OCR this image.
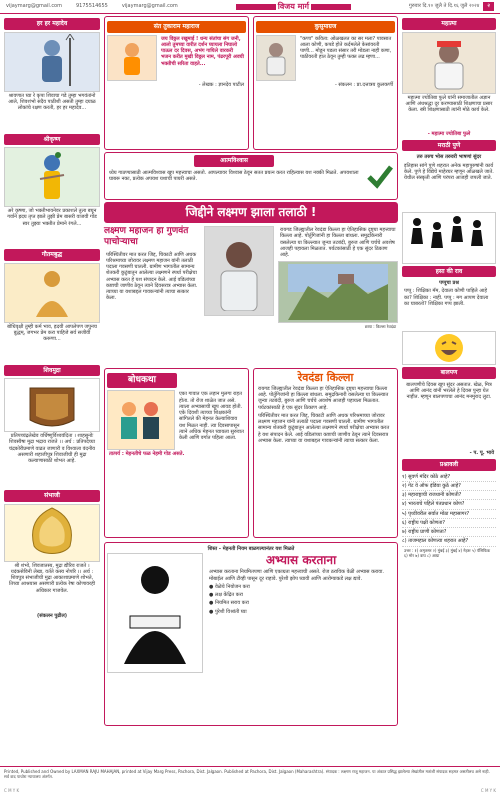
vijaymarg@gmail.com	9175514655	vijaymarg@gmail.com	विजय मार्ग	गुरुवार दि.१० जुलै ते दि.१६ जुलै २०२४	२
हर हर महादेव
श्रावणात घ्या रे कृपा शिवाचा गडे तुम्हा भगवंतांनो आले, शिवशंभो सदैव पाठीशी असती तुम्हा दयाळ लोकांचे रक्षण करती, हर हर महादेव...
श्रीकृष्ण
अरे कृष्णा, जो भक्तीभावनेवर प्रकाशले तुला बघून गर्वाने ह्रदय तृप्त झाले तुझी प्रेम बासरी वाजवी गोड स्वर तुझ्या भक्तीत प्रेमाने रंगले...
गौतमबुद्ध
बोधिवृक्षी तुम्ही कर्म भाव, ह्रदयी आपलेपण जपुनच बुद्धम्, जगभर प्रेम करा पाहिजे सर्व सजीवी करूणा...
शिवमुद्रा
प्रतिपच्चंद्रलेखेव वर्धिष्णुर्विश्ववंदिता । शाहसुनोः शिवस्यैषा मुद्रा भद्राय राजते ।। अर्थ : प्रतिपदेच्या चंद्रकोरीप्रमाणे वाढत जाणारी व विश्वाला वंदनीय असणारी शहाजीपुत्र शिवाजीची ही मुद्रा कल्याणासाठी शोभत आहे.
संभाजी
श्री शंभो, शिवजातस्य, मुद्रा द्यौरिव राजते । यदंकसेविनी लेखा, वर्तते कस्य नोपरि ।। अर्थ : शिवपुत्र संभाजीची मुद्रा आकाशाप्रमाणे शोभते, तिच्या आश्रयास असणारी प्रत्येक रेषा कोणावरही अधिकार गाजवेल.
(संकलन पुढील)
संत तुकाराम महाराज
जय विठ्ठल रखुमाई ! धन्य संतांचा संग जनी, आलो तुमच्या वारीत दर्शन घ्यायला निघालो पाऊल दर दिवस, अभंग गायिले वारकरी भजन करीत मुखी विठ्ठल नाम, पंढरपूरी अवघी भक्तीची सरिता वाहते...
- लेखक : ज्ञानदेव पाटील
कुसुमाग्रज
"कणा" कविता: ओळखलत का सर मला? पावसात आला कोणी, कपडे होते कर्दमलेले केसांवरती पाणी... मोडून पडला संसार तरी मोडला नाही कणा, पाठीवरती हात ठेवून तुम्ही फक्त लढ म्हणा...
- संकलन : प्रा.दत्तात्रय कुलकर्णी
आत्मविश्वास
ध्येय गाठण्यासाठी आत्मविश्वास खूप महत्त्वाचा असतो. आपल्यावर विश्वास ठेवून सतत प्रयत्न करत राहिल्यास यश नक्की मिळते. अपयशाला घाबरू नका, प्रत्येक अपयश यशाची पायरी असते.
जिद्दीने लक्ष्मण झाला तलाठी !
लक्ष्मण महाजन हा गुणवंत पाचोऱ्याचा
परिस्थितीवर मात करत जिद्द, चिकाटी आणि अथक परिश्रमाच्या जोरावर लक्ष्मण महाजन यांनी तलाठी पदाला गवसणी घातली. ग्रामीण भागातील सामान्य शेतकरी कुटुंबातून आलेल्या लक्ष्मणने स्पर्धा परीक्षेचा अभ्यास करत हे यश संपादन केले. आई वडिलांच्या कष्टाची जाणीव ठेवून त्याने दिवसरात्र अभ्यास केला. त्याच्या या यशाबद्दल गावकऱ्यांनी त्याचा सत्कार केला.
रायगड जिल्ह्यातील रेवदंडा किल्ला हा ऐतिहासिक दृष्ट्या महत्त्वाचा किल्ला आहे. पोर्तुगिजांनी हा किल्ला बांधला. समुद्रकिनारी वसलेल्या या किल्ल्यात जुन्या तटबंदी, बुरुज आणि चर्चचे अवशेष आजही पहायला मिळतात. पर्यटकांसाठी हे एक सुंदर ठिकाण आहे.
छाया : किल्ला रेवदंडा
बोधकथा
एका गावात एक लहान मुलगा राहत होता. तो रोज शाळेत जात असे. त्याला अभ्यासाची खूप आवड होती. एके दिवशी त्याच्या शिक्षकांनी सांगितले की मेहनत केल्याशिवाय यश मिळत नाही. त्या दिवसापासून त्याने अधिक मेहनत घ्यायला सुरुवात केली आणि वर्गात पहिला आला.
तात्पर्य : मेहनतीचे फळ नेहमी गोड असते.
रेवदंडा किल्ला
रायगड जिल्ह्यातील रेवदंडा किल्ला हा ऐतिहासिक दृष्ट्या महत्त्वाचा किल्ला आहे. पोर्तुगिजांनी हा किल्ला बांधला. समुद्रकिनारी वसलेल्या या किल्ल्यात जुन्या तटबंदी, बुरुज आणि चर्चचे अवशेष आजही पहायला मिळतात. पर्यटकांसाठी हे एक सुंदर ठिकाण आहे.
परिस्थितीवर मात करत जिद्द, चिकाटी आणि अथक परिश्रमाच्या जोरावर लक्ष्मण महाजन यांनी तलाठी पदाला गवसणी घातली. ग्रामीण भागातील सामान्य शेतकरी कुटुंबातून आलेल्या लक्ष्मणने स्पर्धा परीक्षेचा अभ्यास करत हे यश संपादन केले. आई वडिलांच्या कष्टाची जाणीव ठेवून त्याने दिवसरात्र अभ्यास केला. त्याच्या या यशाबद्दल गावकऱ्यांनी त्याचा सत्कार केला.
शिस्त - मेहनती नियम बाळगल्यानंतर यश मिळते
अभ्यास करताना
अभ्यास करताना नियमितपणा आणि एकाग्रता महत्त्वाची असते. रोज ठराविक वेळी अभ्यास करावा. मोबाईल आणि टीव्ही पासून दूर राहावे. पुरेशी झोप घ्यावी आणि आरोग्याकडे लक्ष द्यावे.
● वेळेचे नियोजन करा
● लक्ष केंद्रित करा
● नियमित सराव करा
● पुरेशी विश्रांती घ्या
महात्मा
महात्मा ज्योतिबा फुले यांनी समाजातील अज्ञान आणि अंधश्रद्धा दूर करण्यासाठी शिक्षणाचा प्रसार केला. स्त्री शिक्षणासाठी त्यांनी मोठे कार्य केले.
- महात्मा ज्योतिबा फुले
मराठी पुणे
तरु तरुच भोस तरुवरी भाषणां सुंदर
इतिहास सांगे पुणे शहरात अनेक महापुरुषांनी कार्य केले. पुणे हे विद्येचे माहेरघर म्हणून ओळखले जाते. येथील संस्कृती आणि परंपरा आजही जपली जाते.
हसा की राव
पप्पूचा प्रश्न
पप्पू : शिक्षिका मॅम, देवाला कोणी पाहिले आहे का? शिक्षिका : नाही. पप्पू : मग आपण देवाला का घाबरतो? शिक्षिका गप्प झाली.
बालपण
बालपणीचे दिवस खूप सुंदर असतात. खेळ, मित्र आणि आनंद यांनी भरलेले हे दिवस पुन्हा येत नाहीत. म्हणून बालपणाचा आनंद मनमुराद लुटा.
- प. पू. भावे
प्रश्नावली
१) सुवर्ण मंदिर कोठे आहे?
२) गेट वे ऑफ इंडिया कुठे आहे?
३) महाराष्ट्राची राजधानी कोणती?
४) भारताचे पहिले पंतप्रधान कोण?
५) पृथ्वीवरील सर्वात मोठा महासागर?
६) राष्ट्रीय पक्षी कोणता?
७) राष्ट्रीय प्राणी कोणता?
८) ताजमहाल कोणत्या शहरात आहे?
उत्तर : १) अमृतसर २) मुंबई ३) मुंबई ४) नेहरू ५) पॅसिफिक ६) मोर ७) वाघ ८) आग्रा
Printed, Published and Owned by LAXMAN RAJU MAHAJAN, printed at Vijay Marg Press, Pachora, Dist. Jalgaon. Published at Pachora, Dist. Jalgaon (Maharashtra). संपादक : लक्ष्मण राजू महाजन. या अंकात प्रसिद्ध झालेल्या लेखांतील मतांशी संपादक सहमत असतीलच असे नाही. सर्व वाद पाचोरा न्यायालय अंतर्गत.
C M Y K	C M Y K
